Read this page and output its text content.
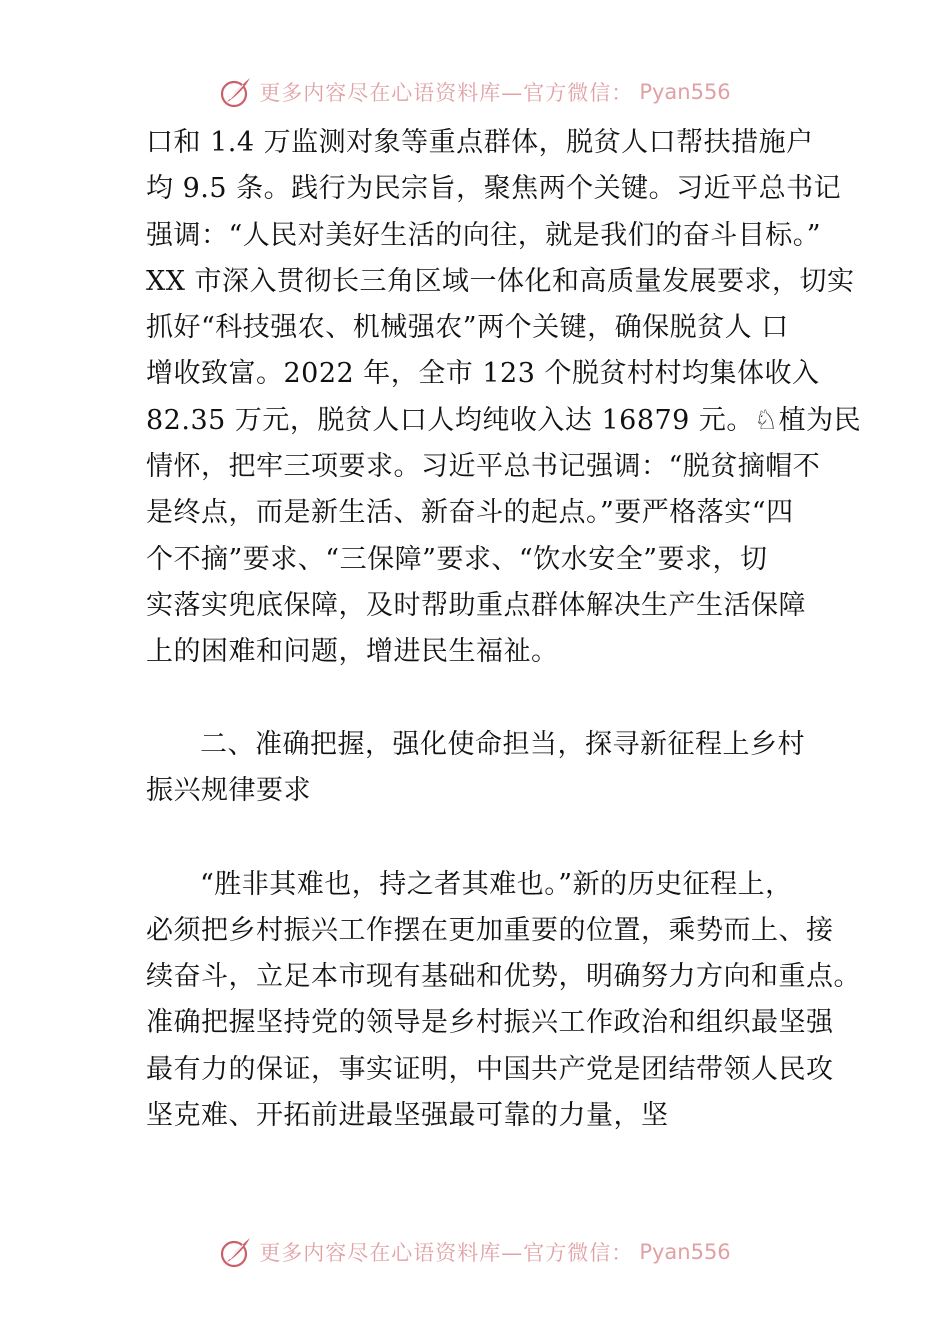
更多内容尽在心语资料库—官方微信： Pyan556
口和 1.4 万监测对象等重点群体，脱贫人口帮扶措施户
均 9.5 条。践行为民宗旨，聚焦两个关键。习近平总书记
强调：“人民对美好生活的向往，就是我们的奋斗目标。”
XX 市深入贯彻长三角区域一体化和高质量发展要求，切实
抓好“科技强农、机械强农”两个关键，确保脱贫人 口
增收致富。2022 年，全市 123 个脱贫村村均集体收入
82.35 万元，脱贫人口人均纯收入达 16879 元。♘植为民
情怀，把牢三项要求。习近平总书记强调：“脱贫摘帽不
是终点，而是新生活、新奋斗的起点。”要严格落实“四
个不摘”要求、“三保障”要求、“饮水安全”要求，切
实落实兜底保障，及时帮助重点群体解决生产生活保障
上的困难和问题，增进民生福祉。
二、准确把握，强化使命担当，探寻新征程上乡村
振兴规律要求
“胜非其难也，持之者其难也。”新的历史征程上，
必须把乡村振兴工作摆在更加重要的位置，乘势而上、接
续奋斗，立足本市现有基础和优势，明确努力方向和重点。
准确把握坚持党的领导是乡村振兴工作政治和组织最坚强
最有力的保证，事实证明，中国共产党是团结带领人民攻
坚克难、开拓前进最坚强最可靠的力量，坚
更多内容尽在心语资料库—官方微信： Pyan556
